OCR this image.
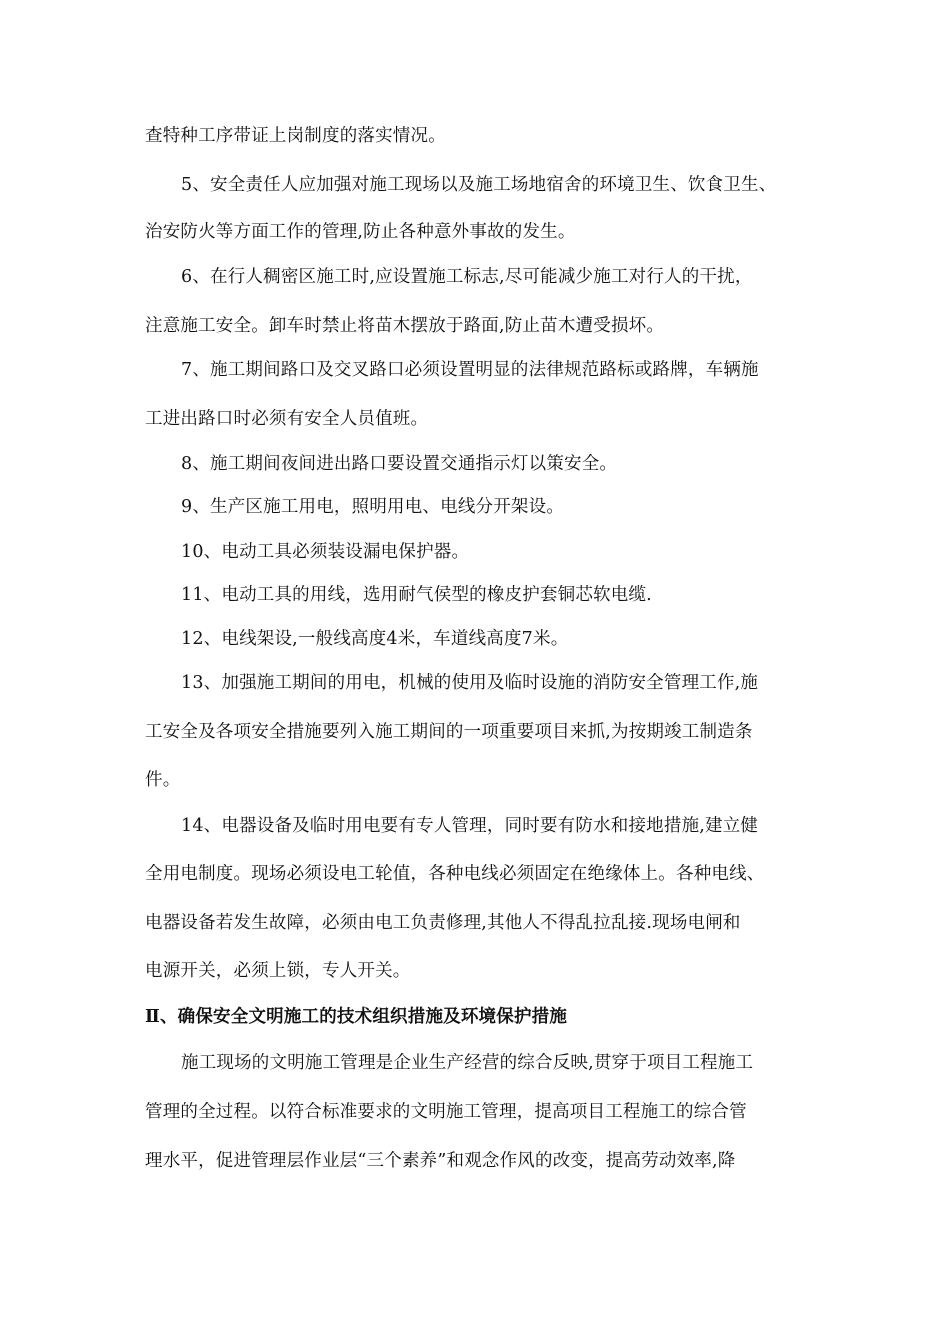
查特种工序带证上岗制度的落实情况。
5、安全责任人应加强对施工现场以及施工场地宿舍的环境卫生、饮食卫生、
治安防火等方面工作的管理,防止各种意外事故的发生。
6、在行人稠密区施工时,应设置施工标志,尽可能减少施工对行人的干扰，
注意施工安全。卸车时禁止将苗木摆放于路面,防止苗木遭受损坏。
7、施工期间路口及交叉路口必须设置明显的法律规范路标或路牌，车辆施
工进出路口时必须有安全人员值班。
8、施工期间夜间进出路口要设置交通指示灯以策安全。
9、生产区施工用电，照明用电、电线分开架设。
10、电动工具必须装设漏电保护器。
11、电动工具的用线，选用耐气侯型的橡皮护套铜芯软电缆.
12、电线架设,一般线高度4米，车道线高度7米。
13、加强施工期间的用电，机械的使用及临时设施的消防安全管理工作,施
工安全及各项安全措施要列入施工期间的一项重要项目来抓,为按期竣工制造条
件。
14、电器设备及临时用电要有专人管理，同时要有防水和接地措施,建立健
全用电制度。现场必须设电工轮值，各种电线必须固定在绝缘体上。各种电线、
电器设备若发生故障，必须由电工负责修理,其他人不得乱拉乱接.现场电闸和
电源开关，必须上锁，专人开关。
Ⅱ、确保安全文明施工的技术组织措施及环境保护措施
施工现场的文明施工管理是企业生产经营的综合反映,贯穿于项目工程施工
管理的全过程。以符合标准要求的文明施工管理，提高项目工程施工的综合管
理水平，促进管理层作业层“三个素养”和观念作风的改变，提高劳动效率,降
